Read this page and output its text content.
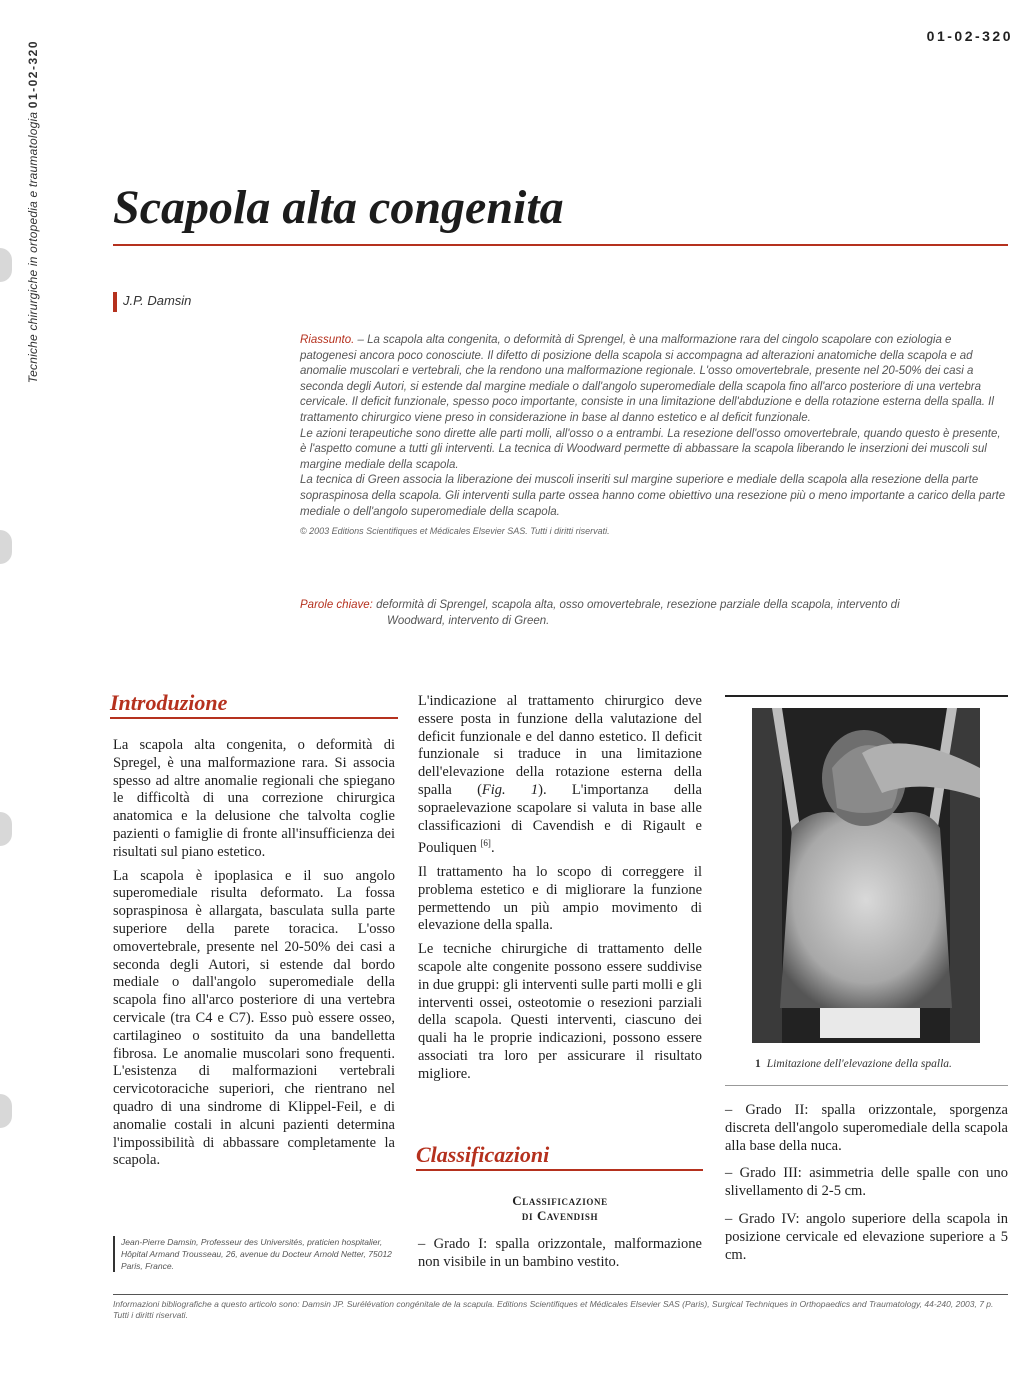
Tecniche chirurgiche in ortopedia e traumatologia 01-02-320
01-02-320
Scapola alta congenita
J.P. Damsin

Riassunto. – La scapola alta congenita, o deformità di Sprengel, è una malformazione rara del cingolo scapolare con eziologia e patogenesi ancora poco conosciute. Il difetto di posizione della scapola si accompagna ad alterazioni anatomiche della scapola e ad anomalie muscolari e vertebrali, che la rendono una malformazione regionale. L'osso omovertebrale, presente nel 20-50% dei casi a seconda degli Autori, si estende dal margine mediale o dall'angolo superomediale della scapola fino all'arco posteriore di una vertebra cervicale. Il deficit funzionale, spesso poco importante, consiste in una limitazione dell'abduzione e della rotazione esterna della spalla. Il trattamento chirurgico viene preso in considerazione in base al danno estetico e al deficit funzionale.

Le azioni terapeutiche sono dirette alle parti molli, all'osso o a entrambi. La resezione dell'osso omovertebrale, quando questo è presente, è l'aspetto comune a tutti gli interventi. La tecnica di Woodward permette di abbassare la scapola liberando le inserzioni dei muscoli sul margine mediale della scapola.

La tecnica di Green associa la liberazione dei muscoli inseriti sul margine superiore e mediale della scapola alla resezione della parte soprаspinosa della scapola. Gli interventi sulla parte ossea hanno come obiettivo una resezione più o meno importante a carico della parte mediale o dell'angolo superomediale della scapola.

© 2003 Editions Scientifiques et Médicales Elsevier SAS. Tutti i diritti riservati.

Parole chiave: deformità di Sprengel, scapola alta, osso omovertebrale, resezione parziale della scapola, intervento di
Woodward, intervento di Green.
Introduzione

La scapola alta congenita, o deformità di Spregel, è una malformazione rara. Si associa spesso ad altre anomalie regionali che spiegano le difficoltà di una correzione chirurgica anatomica e la delusione che talvolta coglie pazienti o famiglie di fronte all'insufficienza dei risultati sul piano estetico.

La scapola è ipoplasica e il suo angolo superomediale risulta deformato. La fossa sopraspinosa è allargata, basculata sulla parte superiore della parete toracica. L'osso omovertebrale, presente nel 20-50% dei casi a seconda degli Autori, si estende dal bordo mediale o dall'angolo superomediale della scapola fino all'arco posteriore di una vertebra cervicale (tra C4 e C7). Esso può essere osseo, cartilagineo o sostituito da una bandelletta fibrosa. Le anomalie muscolari sono frequenti. L'esistenza di malformazioni vertebrali cervicotoraciche superiori, che rientrano nel quadro di una sindrome di Klippel-Feil, e di anomalie costali in alcuni pazienti determina l'impossibilità di abbassare completamente la scapola.

Jean-Pierre Damsin, Professeur des Universités, praticien hospitalier, Hôpital Armand Trousseau, 26, avenue du Docteur Arnold Netter, 75012 Paris, France.

L'indicazione al trattamento chirurgico deve essere posta in funzione della valutazione del deficit funzionale e del danno estetico. Il deficit funzionale si traduce in una limitazione dell'elevazione della rotazione esterna della spalla (Fig. 1). L'importanza della sopraelevazione scapolare si valuta in base alle classificazioni di Cavendish e di Rigault e Pouliquen [6].

Il trattamento ha lo scopo di correggere il problema estetico e di migliorare la funzione permettendo un più ampio movimento di elevazione della spalla.

Le tecniche chirurgiche di trattamento delle scapole alte congenite possono essere suddivise in due gruppi: gli interventi sulle parti molli e gli interventi ossei, osteotomie o resezioni parziali della scapola. Questi interventi, ciascuno dei quali ha le proprie indicazioni, possono essere associati tra loro per assicurare il risultato migliore.

Classificazioni
Classificazione
di Cavendish
– Grado I: spalla orizzontale, malformazione non visibile in un bambino vestito.
1 Limitazione dell'elevazione della spalla.

– Grado II: spalla orizzontale, sporgenza discreta dell'angolo superomediale della scapola alla base della nuca.

– Grado III: asimmetria delle spalle con uno slivellamento di 2-5 cm.

– Grado IV: angolo superiore della scapola in posizione cervicale ed elevazione superiore a 5 cm.

Informazioni bibliografiche a questo articolo sono: Damsin JP. Surélévation congénitale de la scapula. Editions Scientifiques et Médicales Elsevier SAS (Paris), Surgical Techniques in Orthopaedics and Traumatology, 44-240, 2003, 7 p. Tutti i diritti riservati.
